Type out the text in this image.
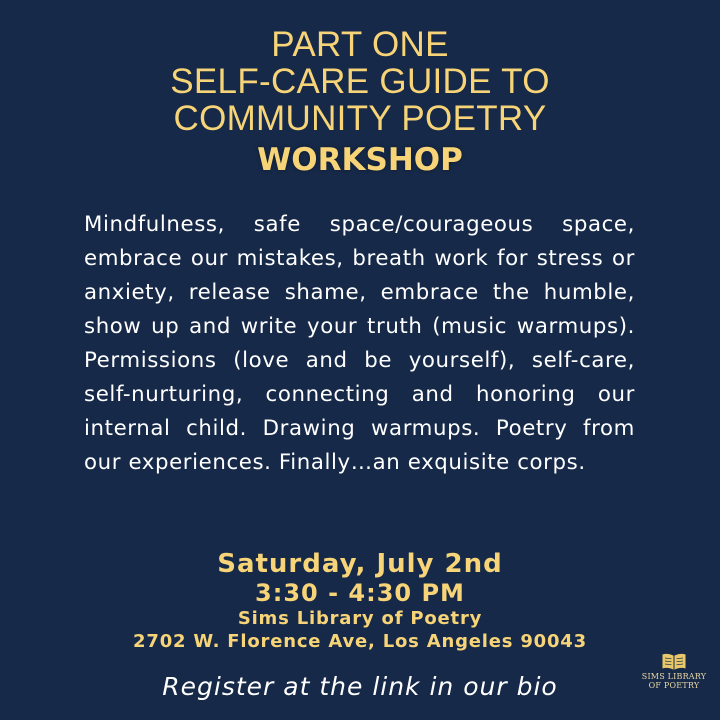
PART ONE
SELF-CARE GUIDE TO
COMMUNITY POETRY
WORKSHOP

Mindfulness, safe space/courageous space, embrace our mistakes, breath work for stress or anxiety, release shame, embrace the humble, show up and write your truth (music warmups). Permissions (love and be yourself), self-care, self-nurturing, connecting and honoring our internal child. Drawing warmups. Poetry from our experiences. Finally…an exquisite corps.

Saturday, July 2nd
3:30 - 4:30 PM
Sims Library of Poetry
2702 W. Florence Ave, Los Angeles 90043
Register at the link in our bio	SIMS LIBRARY
OF POETRY
